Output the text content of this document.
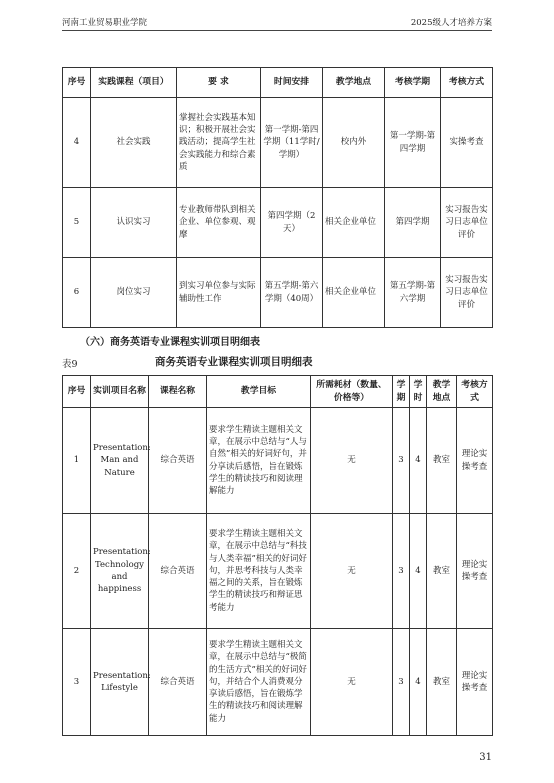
河南工业贸易职业学院	2025级人才培养方案
序号	实践课程（项目）	要 求	时间安排	教学地点	考核学期	考核方式
4	社会实践	掌握社会实践基本知识；积极开展社会实践活动；提高学生社会实践能力和综合素质	第一学期-第四学期（11学时/学期）	校内外	第一学期-第四学期	实操考查
5	认识实习	专业教师带队到相关企业、单位参观、观摩	第四学期（2天）	相关企业单位	第四学期	实习报告实习日志单位评价
6	岗位实习	到实习单位参与实际辅助性工作	第五学期-第六学期（40周）	相关企业单位	第五学期-第六学期	实习报告实习日志单位评价
（六）商务英语专业课程实训项目明细表
表9	商务英语专业课程实训项目明细表
序号	实训项目名称	课程名称	教学目标	所需耗材（数量、价格等）	学期	学时	教学地点	考核方式
1	Presentation: Man and Nature	综合英语	要求学生精读主题相关文章，在展示中总结与“人与自然”相关的好词好句，并分享读后感悟，旨在锻炼学生的精读技巧和阅读理解能力	无	3	4	教室	理论实操考查
2	Presentation: Technology and happiness	综合英语	要求学生精读主题相关文章，在展示中总结与“科技与人类幸福”相关的好词好句，并思考科技与人类幸福之间的关系，旨在锻炼学生的精读技巧和辩证思考能力	无	3	4	教室	理论实操考查
3	Presentation: Lifestyle	综合英语	要求学生精读主题相关文章，在展示中总结与“极简的生活方式”相关的好词好句，并结合个人消费观分享读后感悟，旨在锻炼学生的精读技巧和阅读理解能力	无	3	4	教室	理论实操考查
31
